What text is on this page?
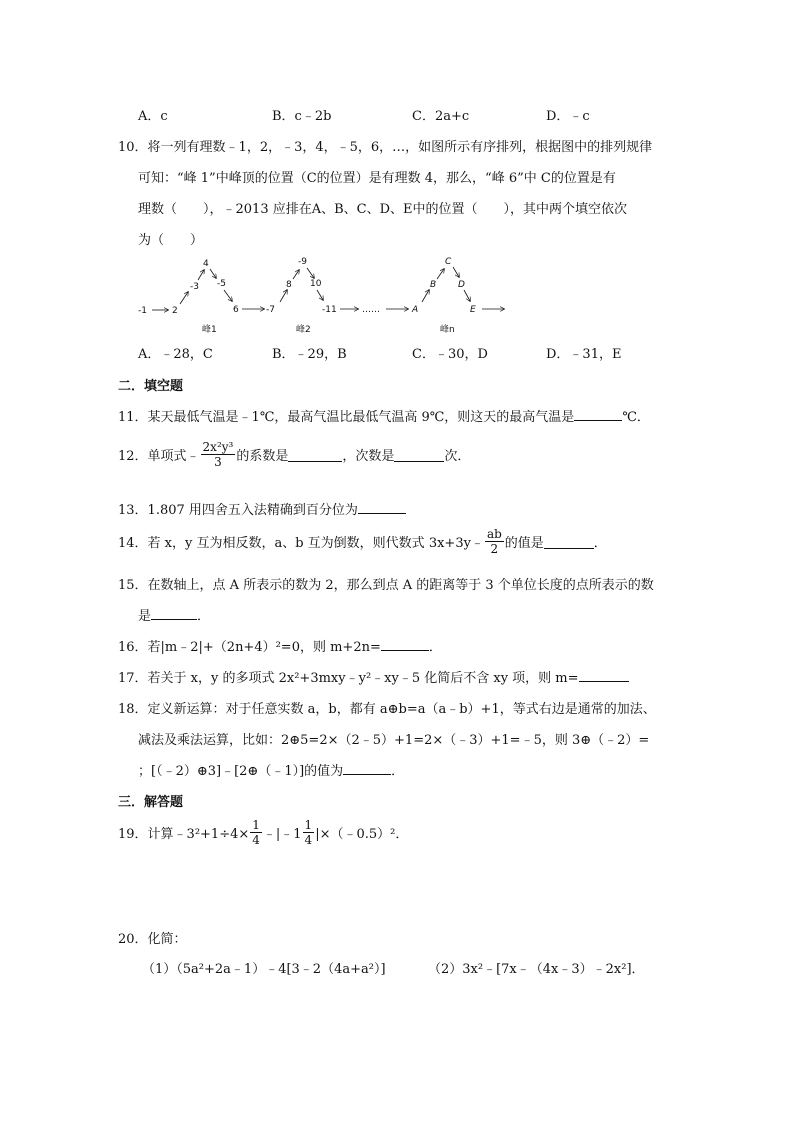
A．c	B．c﹣2b	C．2a+c	D．﹣c
10．将一列有理数﹣1，2，﹣3，4，﹣5，6，…，如图所示有序排列，根据图中的排列规律
可知：“峰 1”中峰顶的位置（C的位置）是有理数 4，那么，“峰 6”中 C的位置是有
理数（　　），﹣2013 应排在A、B、C、D、E中的位置（　　），其中两个填空依次
为（　　）
-1	2
-3
4
-5
6
峰1
-7
8
-9
10
-11
峰2
……	A
B
C
D
E
峰n
A．﹣28，C	B．﹣29，B	C．﹣30，D	D．﹣31，E
二．填空题
11．某天最低气温是﹣1℃，最高气温比最低气温高 9℃，则这天的最高气温是	℃．
12．单项式﹣ $\frac{\text{2x²y³}}{3}$ 的系数是	，次数是	次．
13．1.807 用四舍五入法精确到百分位为
14．若 x，y 互为相反数，a、b 互为倒数，则代数式 3x+3y﹣ $\frac{ab}{2}$ 的值是	．
15．在数轴上，点 A 所表示的数为 2，那么到点 A 的距离等于 3 个单位长度的点所表示的数
是	．
16．若|m﹣2|+（2n+4）²=0，则 m+2n=	．
17．若关于 x，y 的多项式 2x²+3mxy﹣y²﹣xy﹣5 化简后不含 xy 项，则 m=
18．定义新运算：对于任意实数 a，b，都有 a⊕b=a（a﹣b）+1，等式右边是通常的加法、
减法及乘法运算，比如：2⊕5=2×（2﹣5）+1=2×（﹣3）+1=﹣5，则 3⊕（﹣2）=
；[（﹣2）⊕3]﹣[2⊕（﹣1）]的值为	．
三．解答题
19．计算﹣3²+1÷4× $\frac{1}{4}$ ﹣|﹣1 $\frac{1}{4}$ |×（﹣0.5）²．
20．化简：
（1）（5a²+2a﹣1）﹣4[3﹣2（4a+a²）]	（2）3x²﹣[7x﹣（4x﹣3）﹣2x²]．
